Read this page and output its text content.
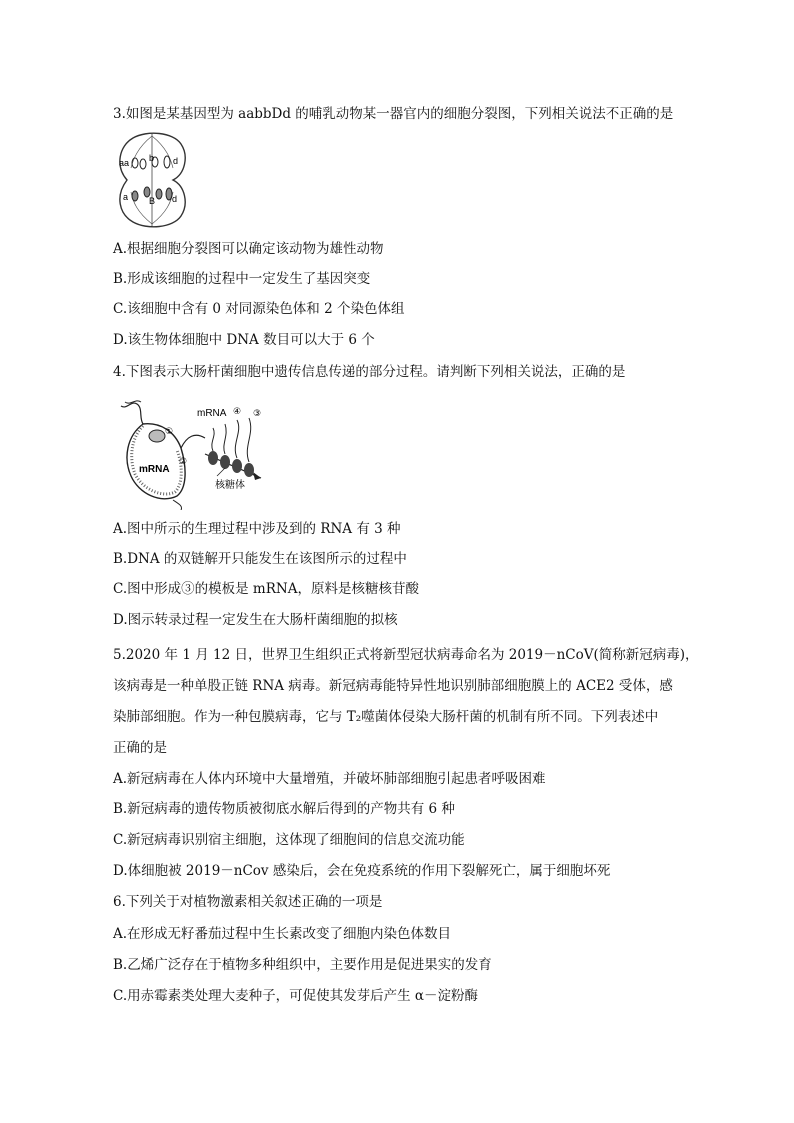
3.如图是某基因型为 aabbDd 的哺乳动物某一器官内的细胞分裂图，下列相关说法不正确的是
aa b d
a B d
A.根据细胞分裂图可以确定该动物为雄性动物
B.形成该细胞的过程中一定发生了基因突变
C.该细胞中含有 0 对同源染色体和 2 个染色体组
D.该生物体细胞中 DNA 数目可以大于 6 个
4.下图表示大肠杆菌细胞中遗传信息传递的部分过程。请判断下列相关说法，正确的是
mRNA
mRNA
核糖体
①
②
③
④
A.图中所示的生理过程中涉及到的 RNA 有 3 种
B.DNA 的双链解开只能发生在该图所示的过程中
C.图中形成③的模板是 mRNA，原料是核糖核苷酸
D.图示转录过程一定发生在大肠杆菌细胞的拟核
5.2020 年 1 月 12 日，世界卫生组织正式将新型冠状病毒命名为 2019－nCoV(简称新冠病毒)，
该病毒是一种单股正链 RNA 病毒。新冠病毒能特异性地识别肺部细胞膜上的 ACE2 受体，感
染肺部细胞。作为一种包膜病毒，它与 T₂噬菌体侵染大肠杆菌的机制有所不同。下列表述中
正确的是
A.新冠病毒在人体内环境中大量增殖，并破坏肺部细胞引起患者呼吸困难
B.新冠病毒的遗传物质被彻底水解后得到的产物共有 6 种
C.新冠病毒识别宿主细胞，这体现了细胞间的信息交流功能
D.体细胞被 2019－nCov 感染后，会在免疫系统的作用下裂解死亡，属于细胞坏死
6.下列关于对植物激素相关叙述正确的一项是
A.在形成无籽番茄过程中生长素改变了细胞内染色体数目
B.乙烯广泛存在于植物多种组织中，主要作用是促进果实的发育
C.用赤霉素类处理大麦种子，可促使其发芽后产生 α－淀粉酶
